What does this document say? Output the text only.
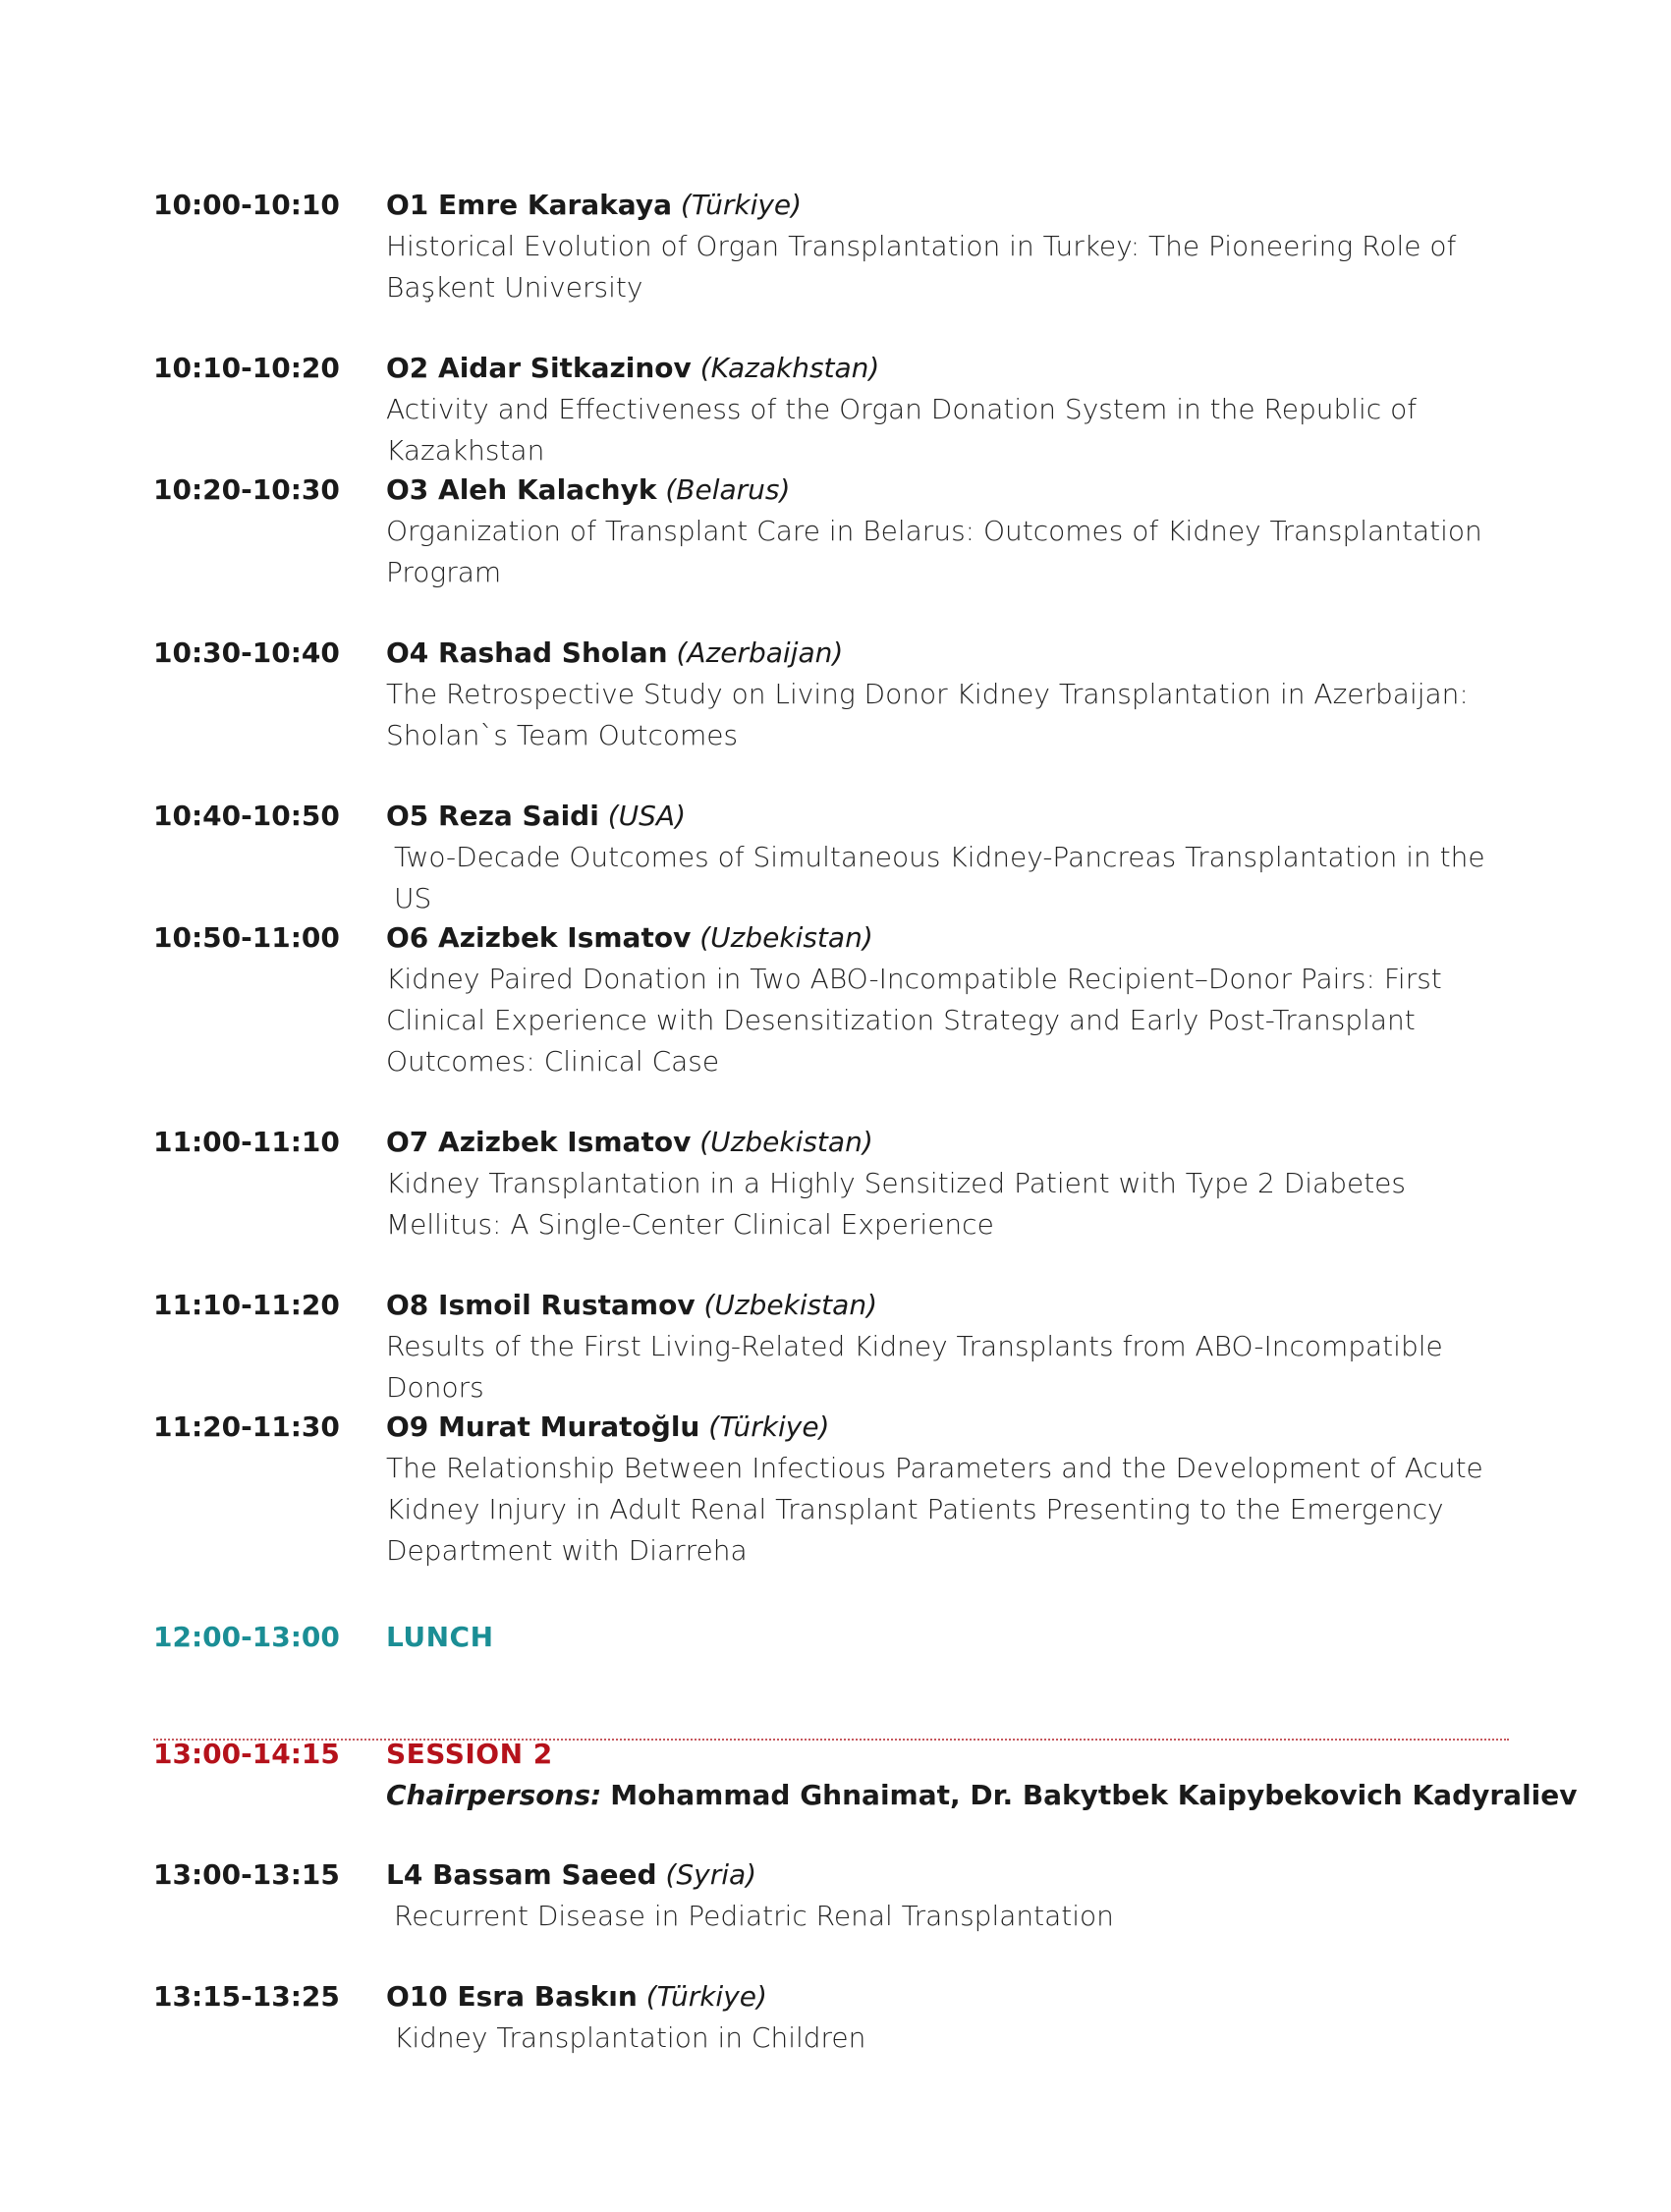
10:00-10:10	O1 Emre Karakaya (Türkiye)
Historical Evolution of Organ Transplantation in Turkey: The Pioneering Role of Başkent University
10:10-10:20	O2 Aidar Sitkazinov (Kazakhstan)
Activity and Effectiveness of the Organ Donation System in the Republic of Kazakhstan
10:20-10:30	O3 Aleh Kalachyk (Belarus)
Organization of Transplant Care in Belarus: Outcomes of Kidney Transplantation Program
10:30-10:40	O4 Rashad Sholan (Azerbaijan)
The Retrospective Study on Living Donor Kidney Transplantation in Azerbaijan: Sholan`s Team Outcomes
10:40-10:50	O5 Reza Saidi (USA)
Two-Decade Outcomes of Simultaneous Kidney-Pancreas Transplantation in the US
10:50-11:00	O6 Azizbek Ismatov (Uzbekistan)
Kidney Paired Donation in Two ABO-Incompatible Recipient–Donor Pairs: First Clinical Experience with Desensitization Strategy and Early Post-Transplant Outcomes: Clinical Case
11:00-11:10	O7 Azizbek Ismatov (Uzbekistan)
Kidney Transplantation in a Highly Sensitized Patient with Type 2 Diabetes Mellitus: A Single-Center Clinical Experience
11:10-11:20	O8 Ismoil Rustamov (Uzbekistan)
Results of the First Living-Related Kidney Transplants from ABO-Incompatible Donors
11:20-11:30	O9 Murat Muratoğlu (Türkiye)
The Relationship Between Infectious Parameters and the Development of Acute Kidney Injury in Adult Renal Transplant Patients Presenting to the Emergency Department with Diarreha
12:00-13:00	LUNCH
13:00-14:15	SESSION 2
Chairpersons: Mohammad Ghnaimat, Dr. Bakytbek Kaipybekovich Kadyraliev
13:00-13:15	L4 Bassam Saeed (Syria)
Recurrent Disease in Pediatric Renal Transplantation
13:15-13:25	O10 Esra Baskın (Türkiye)
Kidney Transplantation in Children
